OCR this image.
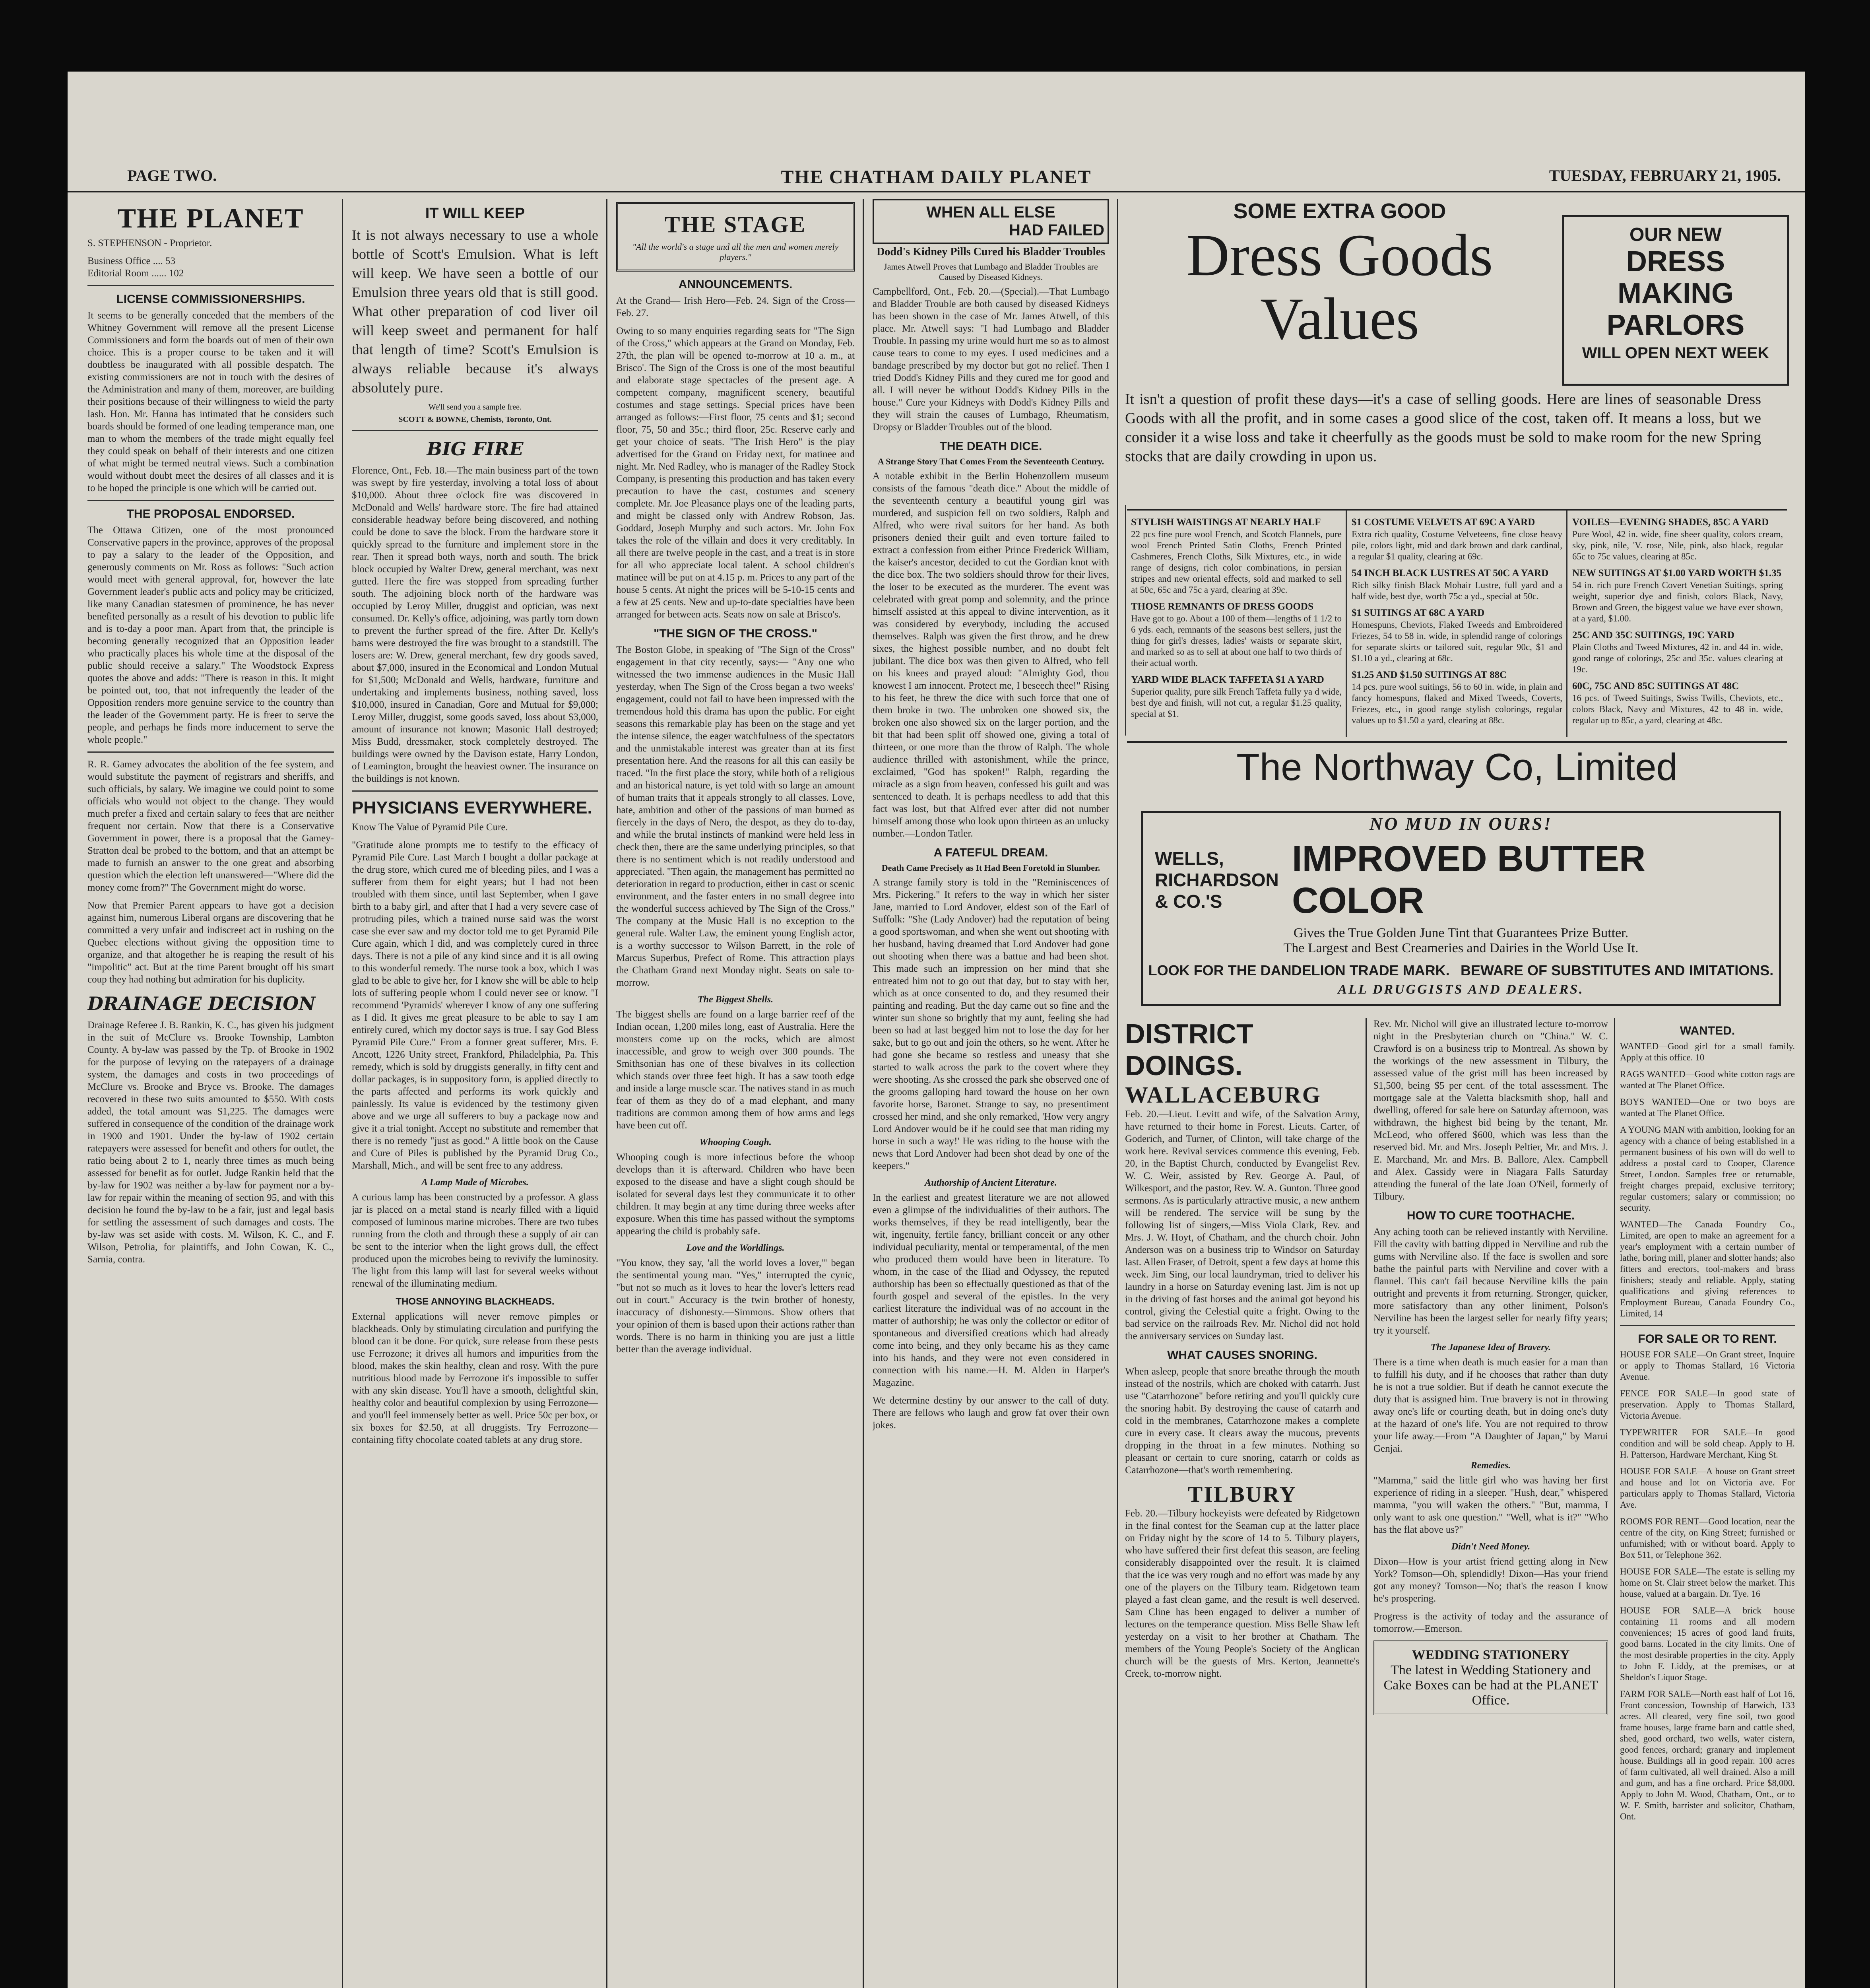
PAGE TWO.	THE CHATHAM DAILY PLANET	TUESDAY, FEBRUARY 21, 1905.
THE PLANET
S. STEPHENSON - Proprietor.
Business Office .... 53
Editorial Room ...... 102
LICENSE COMMISSIONERSHIPS.

It seems to be generally conceded that the members of the Whitney Government will remove all the present License Commissioners and form the boards out of men of their own choice. This is a proper course to be taken and it will doubtless be inaugurated with all possible despatch. The existing commissioners are not in touch with the desires of the Administration and many of them, moreover, are building their positions because of their willingness to wield the party lash. Hon. Mr. Hanna has intimated that he considers such boards should be formed of one leading temperance man, one man to whom the members of the trade might equally feel they could speak on behalf of their interests and one citizen of what might be termed neutral views. Such a combination would without doubt meet the desires of all classes and it is to be hoped the principle is one which will be carried out.

THE PROPOSAL ENDORSED.

The Ottawa Citizen, one of the most pronounced Conservative papers in the province, approves of the proposal to pay a salary to the leader of the Opposition, and generously comments on Mr. Ross as follows: "Such action would meet with general approval, for, however the late Government leader's public acts and policy may be criticized, like many Canadian statesmen of prominence, he has never benefited personally as a result of his devotion to public life and is to-day a poor man. Apart from that, the principle is becoming generally recognized that an Opposition leader who practically places his whole time at the disposal of the public should receive a salary." The Woodstock Express quotes the above and adds: "There is reason in this. It might be pointed out, too, that not infrequently the leader of the Opposition renders more genuine service to the country than the leader of the Government party. He is freer to serve the people, and perhaps he finds more inducement to serve the whole people."

R. R. Gamey advocates the abolition of the fee system, and would substitute the payment of registrars and sheriffs, and such officials, by salary. We imagine we could point to some officials who would not object to the change. They would much prefer a fixed and certain salary to fees that are neither frequent nor certain. Now that there is a Conservative Government in power, there is a proposal that the Gamey-Stratton deal be probed to the bottom, and that an attempt be made to furnish an answer to the one great and absorbing question which the election left unanswered—"Where did the money come from?" The Government might do worse.

Now that Premier Parent appears to have got a decision against him, numerous Liberal organs are discovering that he committed a very unfair and indiscreet act in rushing on the Quebec elections without giving the opposition time to organize, and that altogether he is reaping the result of his "impolitic" act. But at the time Parent brought off his smart coup they had nothing but admiration for his duplicity.

DRAINAGE DECISION

Drainage Referee J. B. Rankin, K. C., has given his judgment in the suit of McClure vs. Brooke Township, Lambton County. A by-law was passed by the Tp. of Brooke in 1902 for the purpose of levying on the ratepayers of a drainage system, the damages and costs in two proceedings of McClure vs. Brooke and Bryce vs. Brooke. The damages recovered in these two suits amounted to $550. With costs added, the total amount was $1,225. The damages were suffered in consequence of the condition of the drainage work in 1900 and 1901. Under the by-law of 1902 certain ratepayers were assessed for benefit and others for outlet, the ratio being about 2 to 1, nearly three times as much being assessed for benefit as for outlet. Judge Rankin held that the by-law for 1902 was neither a by-law for payment nor a by-law for repair within the meaning of section 95, and with this decision he found the by-law to be a fair, just and legal basis for settling the assessment of such damages and costs. The by-law was set aside with costs. M. Wilson, K. C., and F. Wilson, Petrolia, for plaintiffs, and John Cowan, K. C., Sarnia, contra.

IT WILL KEEP

It is not always necessary to use a whole bottle of Scott's Emulsion. What is left will keep. We have seen a bottle of our Emulsion three years old that is still good. What other preparation of cod liver oil will keep sweet and permanent for half that length of time? Scott's Emulsion is always reliable because it's always absolutely pure.

We'll send you a sample free.
SCOTT & BOWNE, Chemists, Toronto, Ont.
BIG FIRE

Florence, Ont., Feb. 18.—The main business part of the town was swept by fire yesterday, involving a total loss of about $10,000. About three o'clock fire was discovered in McDonald and Wells' hardware store. The fire had attained considerable headway before being discovered, and nothing could be done to save the block. From the hardware store it quickly spread to the furniture and implement store in the rear. Then it spread both ways, north and south. The brick block occupied by Walter Drew, general merchant, was next gutted. Here the fire was stopped from spreading further south. The adjoining block north of the hardware was occupied by Leroy Miller, druggist and optician, was next consumed. Dr. Kelly's office, adjoining, was partly torn down to prevent the further spread of the fire. After Dr. Kelly's barns were destroyed the fire was brought to a standstill. The losers are: W. Drew, general merchant, few dry goods saved, about $7,000, insured in the Economical and London Mutual for $1,500; McDonald and Wells, hardware, furniture and undertaking and implements business, nothing saved, loss $10,000, insured in Canadian, Gore and Mutual for $9,000; Leroy Miller, druggist, some goods saved, loss about $3,000, amount of insurance not known; Masonic Hall destroyed; Miss Budd, dressmaker, stock completely destroyed. The buildings were owned by the Davison estate, Harry London, of Leamington, brought the heaviest owner. The insurance on the buildings is not known.

PHYSICIANS EVERYWHERE.

Know The Value of Pyramid Pile Cure.

"Gratitude alone prompts me to testify to the efficacy of Pyramid Pile Cure. Last March I bought a dollar package at the drug store, which cured me of bleeding piles, and I was a sufferer from them for eight years; but I had not been troubled with them since, until last September, when I gave birth to a baby girl, and after that I had a very severe case of protruding piles, which a trained nurse said was the worst case she ever saw and my doctor told me to get Pyramid Pile Cure again, which I did, and was completely cured in three days. There is not a pile of any kind since and it is all owing to this wonderful remedy. The nurse took a box, which I was glad to be able to give her, for I know she will be able to help lots of suffering people whom I could never see or know. "I recommend 'Pyramids' wherever I know of any one suffering as I did. It gives me great pleasure to be able to say I am entirely cured, which my doctor says is true. I say God Bless Pyramid Pile Cure." From a former great sufferer, Mrs. F. Ancott, 1226 Unity street, Frankford, Philadelphia, Pa. This remedy, which is sold by druggists generally, in fifty cent and dollar packages, is in suppository form, is applied directly to the parts affected and performs its work quickly and painlessly. Its value is evidenced by the testimony given above and we urge all sufferers to buy a package now and give it a trial tonight. Accept no substitute and remember that there is no remedy "just as good." A little book on the Cause and Cure of Piles is published by the Pyramid Drug Co., Marshall, Mich., and will be sent free to any address.

A Lamp Made of Microbes.

A curious lamp has been constructed by a professor. A glass jar is placed on a metal stand is nearly filled with a liquid composed of luminous marine microbes. There are two tubes running from the cloth and through these a supply of air can be sent to the interior when the light grows dull, the effect produced upon the microbes being to revivify the luminosity. The light from this lamp will last for several weeks without renewal of the illuminating medium.

THOSE ANNOYING BLACKHEADS.

External applications will never remove pimples or blackheads. Only by stimulating circulation and purifying the blood can it be done. For quick, sure release from these pests use Ferrozone; it drives all humors and impurities from the blood, makes the skin healthy, clean and rosy. With the pure nutritious blood made by Ferrozone it's impossible to suffer with any skin disease. You'll have a smooth, delightful skin, healthy color and beautiful complexion by using Ferrozone—and you'll feel immensely better as well. Price 50c per box, or six boxes for $2.50, at all druggists. Try Ferrozone—containing fifty chocolate coated tablets at any drug store.

THE STAGE
"All the world's a stage and all the men and women merely players."
ANNOUNCEMENTS.

At the Grand— Irish Hero—Feb. 24. Sign of the Cross—Feb. 27.

Owing to so many enquiries regarding seats for "The Sign of the Cross," which appears at the Grand on Monday, Feb. 27th, the plan will be opened to-morrow at 10 a. m., at Brisco'. The Sign of the Cross is one of the most beautiful and elaborate stage spectacles of the present age. A competent company, magnificent scenery, beautiful costumes and stage settings. Special prices have been arranged as follows:—First floor, 75 cents and $1; second floor, 75, 50 and 35c.; third floor, 25c. Reserve early and get your choice of seats. "The Irish Hero" is the play advertised for the Grand on Friday next, for matinee and night. Mr. Ned Radley, who is manager of the Radley Stock Company, is presenting this production and has taken every precaution to have the cast, costumes and scenery complete. Mr. Joe Pleasance plays one of the leading parts, and might be classed only with Andrew Robson, Jas. Goddard, Joseph Murphy and such actors. Mr. John Fox takes the role of the villain and does it very creditably. In all there are twelve people in the cast, and a treat is in store for all who appreciate local talent. A school children's matinee will be put on at 4.15 p. m. Prices to any part of the house 5 cents. At night the prices will be 5-10-15 cents and a few at 25 cents. New and up-to-date specialties have been arranged for between acts. Seats now on sale at Brisco's.

"THE SIGN OF THE CROSS."

The Boston Globe, in speaking of "The Sign of the Cross" engagement in that city recently, says:— "Any one who witnessed the two immense audiences in the Music Hall yesterday, when The Sign of the Cross began a two weeks' engagement, could not fail to have been impressed with the tremendous hold this drama has upon the public. For eight seasons this remarkable play has been on the stage and yet the intense silence, the eager watchfulness of the spectators and the unmistakable interest was greater than at its first presentation here. And the reasons for all this can easily be traced. "In the first place the story, while both of a religious and an historical nature, is yet told with so large an amount of human traits that it appeals strongly to all classes. Love, hate, ambition and other of the passions of man burned as fiercely in the days of Nero, the despot, as they do to-day, and while the brutal instincts of mankind were held less in check then, there are the same underlying principles, so that there is no sentiment which is not readily understood and appreciated. "Then again, the management has permitted no deterioration in regard to production, either in cast or scenic environment, and the faster enters in no small degree into the wonderful success achieved by The Sign of the Cross." The company at the Music Hall is no exception to the general rule. Walter Law, the eminent young English actor, is a worthy successor to Wilson Barrett, in the role of Marcus Superbus, Prefect of Rome. This attraction plays the Chatham Grand next Monday night. Seats on sale to-morrow.

The Biggest Shells.

The biggest shells are found on a large barrier reef of the Indian ocean, 1,200 miles long, east of Australia. Here the monsters come up on the rocks, which are almost inaccessible, and grow to weigh over 300 pounds. The Smithsonian has one of these bivalves in its collection which stands over three feet high. It has a saw tooth edge and inside a large muscle scar. The natives stand in as much fear of them as they do of a mad elephant, and many traditions are common among them of how arms and legs have been cut off.

Whooping Cough.

Whooping cough is more infectious before the whoop develops than it is afterward. Children who have been exposed to the disease and have a slight cough should be isolated for several days lest they communicate it to other children. It may begin at any time during three weeks after exposure. When this time has passed without the symptoms appearing the child is probably safe.

Love and the Worldlings.

"You know, they say, 'all the world loves a lover,'" began the sentimental young man. "Yes," interrupted the cynic, "but not so much as it loves to hear the lover's letters read out in court." Accuracy is the twin brother of honesty, inaccuracy of dishonesty.—Simmons. Show others that your opinion of them is based upon their actions rather than words. There is no harm in thinking you are just a little better than the average individual.

WHEN ALL ELSE
HAD FAILED
Dodd's Kidney Pills Cured his Bladder Troubles
James Atwell Proves that Lumbago and Bladder Troubles are Caused by Diseased Kidneys.

Campbellford, Ont., Feb. 20.—(Special).—That Lumbago and Bladder Trouble are both caused by diseased Kidneys has been shown in the case of Mr. James Atwell, of this place. Mr. Atwell says: "I had Lumbago and Bladder Trouble. In passing my urine would hurt me so as to almost cause tears to come to my eyes. I used medicines and a bandage prescribed by my doctor but got no relief. Then I tried Dodd's Kidney Pills and they cured me for good and all. I will never be without Dodd's Kidney Pills in the house." Cure your Kidneys with Dodd's Kidney Pills and they will strain the causes of Lumbago, Rheumatism, Dropsy or Bladder Troubles out of the blood.

THE DEATH DICE.
A Strange Story That Comes From the Seventeenth Century.

A notable exhibit in the Berlin Hohenzollern museum consists of the famous "death dice." About the middle of the seventeenth century a beautiful young girl was murdered, and suspicion fell on two soldiers, Ralph and Alfred, who were rival suitors for her hand. As both prisoners denied their guilt and even torture failed to extract a confession from either Prince Frederick William, the kaiser's ancestor, decided to cut the Gordian knot with the dice box. The two soldiers should throw for their lives, the loser to be executed as the murderer. The event was celebrated with great pomp and solemnity, and the prince himself assisted at this appeal to divine intervention, as it was considered by everybody, including the accused themselves. Ralph was given the first throw, and he drew sixes, the highest possible number, and no doubt felt jubilant. The dice box was then given to Alfred, who fell on his knees and prayed aloud: "Almighty God, thou knowest I am innocent. Protect me, I beseech thee!" Rising to his feet, he threw the dice with such force that one of them broke in two. The unbroken one showed six, the broken one also showed six on the larger portion, and the bit that had been split off showed one, giving a total of thirteen, or one more than the throw of Ralph. The whole audience thrilled with astonishment, while the prince, exclaimed, "God has spoken!" Ralph, regarding the miracle as a sign from heaven, confessed his guilt and was sentenced to death. It is perhaps needless to add that this fact was lost, but that Alfred ever after did not number himself among those who look upon thirteen as an unlucky number.—London Tatler.

A FATEFUL DREAM.
Death Came Precisely as It Had Been Foretold in Slumber.

A strange family story is told in the "Reminiscences of Mrs. Pickering." It refers to the way in which her sister Jane, married to Lord Andover, eldest son of the Earl of Suffolk: "She (Lady Andover) had the reputation of being a good sportswoman, and when she went out shooting with her husband, having dreamed that Lord Andover had gone out shooting when there was a battue and had been shot. This made such an impression on her mind that she entreated him not to go out that day, but to stay with her, which as at once consented to do, and they resumed their painting and reading. But the day came out so fine and the winter sun shone so brightly that my aunt, feeling she had been so had at last begged him not to lose the day for her sake, but to go out and join the others, so he went. After he had gone she became so restless and uneasy that she started to walk across the park to the covert where they were shooting. As she crossed the park she observed one of the grooms galloping hard toward the house on her own favorite horse, Baronet. Strange to say, no presentiment crossed her mind, and she only remarked, 'How very angry Lord Andover would be if he could see that man riding my horse in such a way!' He was riding to the house with the news that Lord Andover had been shot dead by one of the keepers."

Authorship of Ancient Literature.

In the earliest and greatest literature we are not allowed even a glimpse of the individualities of their authors. The works themselves, if they be read intelligently, bear the wit, ingenuity, fertile fancy, brilliant conceit or any other individual peculiarity, mental or temperamental, of the men who produced them would have been in literature. To whom, in the case of the Iliad and Odyssey, the reputed authorship has been so effectually questioned as that of the fourth gospel and several of the epistles. In the very earliest literature the individual was of no account in the matter of authorship; he was only the collector or editor of spontaneous and diversified creations which had already come into being, and they only became his as they came into his hands, and they were not even considered in connection with his name.—H. M. Alden in Harper's Magazine.

We determine destiny by our answer to the call of duty. There are fellows who laugh and grow fat over their own jokes.

SOME EXTRA GOOD
Dress Goods Values
OUR NEW
DRESS MAKING
PARLORS
WILL OPEN NEXT WEEK

It isn't a question of profit these days—it's a case of selling goods. Here are lines of seasonable Dress Goods with all the profit, and in some cases a good slice of the cost, taken off. It means a loss, but we consider it a wise loss and take it cheerfully as the goods must be sold to make room for the new Spring stocks that are daily crowding in upon us.

STYLISH WAISTINGS AT NEARLY HALF

22 pcs fine pure wool French, and Scotch Flannels, pure wool French Printed Satin Cloths, French Printed Cashmeres, French Cloths, Silk Mixtures, etc., in wide range of designs, rich color combinations, in persian stripes and new oriental effects, sold and marked to sell at 50c, 65c and 75c a yard, clearing at 39c.

THOSE REMNANTS OF DRESS GOODS

Have got to go. About a 100 of them—lengths of 1 1/2 to 6 yds. each, remnants of the seasons best sellers, just the thing for girl's dresses, ladies' waists or separate skirt, and marked so as to sell at about one half to two thirds of their actual worth.

YARD WIDE BLACK TAFFETA $1 A YARD

Superior quality, pure silk French Taffeta fully ya d wide, best dye and finish, will not cut, a regular $1.25 quality, special at $1.

$1 COSTUME VELVETS AT 69C A YARD

Extra rich quality, Costume Velveteens, fine close heavy pile, colors light, mid and dark brown and dark cardinal, a regular $1 quality, clearing at 69c.

54 INCH BLACK LUSTRES AT 50C A YARD

Rich silky finish Black Mohair Lustre, full yard and a half wide, best dye, worth 75c a yd., special at 50c.

$1 SUITINGS AT 68C A YARD

Homespuns, Cheviots, Flaked Tweeds and Embroidered Friezes, 54 to 58 in. wide, in splendid range of colorings for separate skirts or tailored suit, regular 90c, $1 and $1.10 a yd., clearing at 68c.

$1.25 AND $1.50 SUITINGS AT 88C

14 pcs. pure wool suitings, 56 to 60 in. wide, in plain and fancy homespuns, flaked and Mixed Tweeds, Coverts, Friezes, etc., in good range stylish colorings, regular values up to $1.50 a yard, clearing at 88c.

VOILES—EVENING SHADES, 85C A YARD

Pure Wool, 42 in. wide, fine sheer quality, colors cream, sky, pink, nile, 'V. rose, Nile, pink, also black, regular 65c to 75c values, clearing at 85c.

NEW SUITINGS AT $1.00 YARD WORTH $1.35

54 in. rich pure French Covert Venetian Suitings, spring weight, superior dye and finish, colors Black, Navy, Brown and Green, the biggest value we have ever shown, at a yard, $1.00.

25C AND 35C SUITINGS, 19C YARD

Plain Cloths and Tweed Mixtures, 42 in. and 44 in. wide, good range of colorings, 25c and 35c. values clearing at 19c.

60C, 75C AND 85C SUITINGS AT 48C

16 pcs. of Tweed Suitings, Swiss Twills, Cheviots, etc., colors Black, Navy and Mixtures, 42 to 48 in. wide, regular up to 85c, a yard, clearing at 48c.

The Northway Co, Limited
NO MUD IN OURS!
WELLS, RICHARDSON & CO.'S
IMPROVED BUTTER COLOR
Gives the True Golden June Tint that Guarantees Prize Butter.
The Largest and Best Creameries and Dairies in the World Use It.
LOOK FOR THE DANDELION TRADE MARK. BEWARE OF SUBSTITUTES AND IMITATIONS.
ALL DRUGGISTS AND DEALERS.
DISTRICT DOINGS.
WALLACEBURG

Feb. 20.—Lieut. Levitt and wife, of the Salvation Army, have returned to their home in Forest. Lieuts. Carter, of Goderich, and Turner, of Clinton, will take charge of the work here. Revival services commence this evening, Feb. 20, in the Baptist Church, conducted by Evangelist Rev. W. C. Weir, assisted by Rev. George A. Paul, of Wilkesport, and the pastor, Rev. W. A. Gunton. Three good sermons. As is particularly attractive music, a new anthem will be rendered. The service will be sung by the following list of singers,—Miss Viola Clark, Rev. and Mrs. J. W. Hoyt, of Chatham, and the church choir. John Anderson was on a business trip to Windsor on Saturday last. Allen Fraser, of Detroit, spent a few days at home this week. Jim Sing, our local laundryman, tried to deliver his laundry in a horse on Saturday evening last. Jim is not up in the driving of fast horses and the animal got beyond his control, giving the Celestial quite a fright. Owing to the bad service on the railroads Rev. Mr. Nichol did not hold the anniversary services on Sunday last.

WHAT CAUSES SNORING.

When asleep, people that snore breathe through the mouth instead of the nostrils, which are choked with catarrh. Just use "Catarrhozone" before retiring and you'll quickly cure the snoring habit. By destroying the cause of catarrh and cold in the membranes, Catarrhozone makes a complete cure in every case. It clears away the mucous, prevents dropping in the throat in a few minutes. Nothing so pleasant or certain to cure snoring, catarrh or colds as Catarrhozone—that's worth remembering.

TILBURY

Feb. 20.—Tilbury hockeyists were defeated by Ridgetown in the final contest for the Seaman cup at the latter place on Friday night by the score of 14 to 5. Tilbury players, who have suffered their first defeat this season, are feeling considerably disappointed over the result. It is claimed that the ice was very rough and no effort was made by any one of the players on the Tilbury team. Ridgetown team played a fast clean game, and the result is well deserved. Sam Cline has been engaged to deliver a number of lectures on the temperance question. Miss Belle Shaw left yesterday on a visit to her brother at Chatham. The members of the Young People's Society of the Anglican church will be the guests of Mrs. Kerton, Jeannette's Creek, to-morrow night.

Rev. Mr. Nichol will give an illustrated lecture to-morrow night in the Presbyterian church on "China." W. C. Crawford is on a business trip to Montreal. As shown by the workings of the new assessment in Tilbury, the assessed value of the grist mill has been increased by $1,500, being $5 per cent. of the total assessment. The mortgage sale at the Valetta blacksmith shop, hall and dwelling, offered for sale here on Saturday afternoon, was withdrawn, the highest bid being by the tenant, Mr. McLeod, who offered $600, which was less than the reserved bid. Mr. and Mrs. Joseph Peltier, Mr. and Mrs. J. E. Marchand, Mr. and Mrs. B. Ballore, Alex. Campbell and Alex. Cassidy were in Niagara Falls Saturday attending the funeral of the late Joan O'Neil, formerly of Tilbury.

HOW TO CURE TOOTHACHE.

Any aching tooth can be relieved instantly with Nerviline. Fill the cavity with batting dipped in Nerviline and rub the gums with Nerviline also. If the face is swollen and sore bathe the painful parts with Nerviline and cover with a flannel. This can't fail because Nerviline kills the pain outright and prevents it from returning. Stronger, quicker, more satisfactory than any other liniment, Polson's Nerviline has been the largest seller for nearly fifty years; try it yourself.

The Japanese Idea of Bravery.

There is a time when death is much easier for a man than to fulfill his duty, and if he chooses that rather than duty he is not a true soldier. But if death he cannot execute the duty that is assigned him. True bravery is not in throwing away one's life or courting death, but in doing one's duty at the hazard of one's life. You are not required to throw your life away.—From "A Daughter of Japan," by Marui Genjai.

Remedies.

"Mamma," said the little girl who was having her first experience of riding in a sleeper. "Hush, dear," whispered mamma, "you will waken the others." "But, mamma, I only want to ask one question." "Well, what is it?" "Who has the flat above us?"

Didn't Need Money.

Dixon—How is your artist friend getting along in New York? Tomson—Oh, splendidly! Dixon—Has your friend got any money? Tomson—No; that's the reason I know he's prospering.

Progress is the activity of today and the assurance of tomorrow.—Emerson.

WEDDING STATIONERY
The latest in Wedding Stationery and Cake Boxes can be had at the PLANET Office.
WANTED.

WANTED—Good girl for a small family. Apply at this office. 10

RAGS WANTED—Good white cotton rags are wanted at The Planet Office.

BOYS WANTED—One or two boys are wanted at The Planet Office.

A YOUNG MAN with ambition, looking for an agency with a chance of being established in a permanent business of his own will do well to address a postal card to Cooper, Clarence Street, London. Samples free or returnable, freight charges prepaid, exclusive territory; regular customers; salary or commission; no security.

WANTED—The Canada Foundry Co., Limited, are open to make an agreement for a year's employment with a certain number of lathe, boring mill, planer and slotter hands; also fitters and erectors, tool-makers and brass finishers; steady and reliable. Apply, stating qualifications and giving references to Employment Bureau, Canada Foundry Co., Limited, 14

FOR SALE OR TO RENT.

HOUSE FOR SALE—On Grant street, Inquire or apply to Thomas Stallard, 16 Victoria Avenue.

FENCE FOR SALE—In good state of preservation. Apply to Thomas Stallard, Victoria Avenue.

TYPEWRITER FOR SALE—In good condition and will be sold cheap. Apply to H. H. Patterson, Hardware Merchant, King St.

HOUSE FOR SALE—A house on Grant street and house and lot on Victoria ave. For particulars apply to Thomas Stallard, Victoria Ave.

ROOMS FOR RENT—Good location, near the centre of the city, on King Street; furnished or unfurnished; with or without board. Apply to Box 511, or Telephone 362.

HOUSE FOR SALE—The estate is selling my home on St. Clair street below the market. This house, valued at a bargain. Dr. Tye. 16

HOUSE FOR SALE—A brick house containing 11 rooms and all modern conveniences; 15 acres of good land fruits, good barns. Located in the city limits. One of the most desirable properties in the city. Apply to John F. Liddy, at the premises, or at Sheldon's Liquor Stage.

FARM FOR SALE—North east half of Lot 16, Front concession, Township of Harwich, 133 acres. All cleared, very fine soil, two good frame houses, large frame barn and cattle shed, shed, good orchard, two wells, water cistern, good fences, orchard; granary and implement house. Buildings all in good repair. 100 acres of farm cultivated, all well drained. Also a mill and gum, and has a fine orchard. Price $8,000. Apply to John M. Wood, Chatham, Ont., or to W. F. Smith, barrister and solicitor, Chatham, Ont.
